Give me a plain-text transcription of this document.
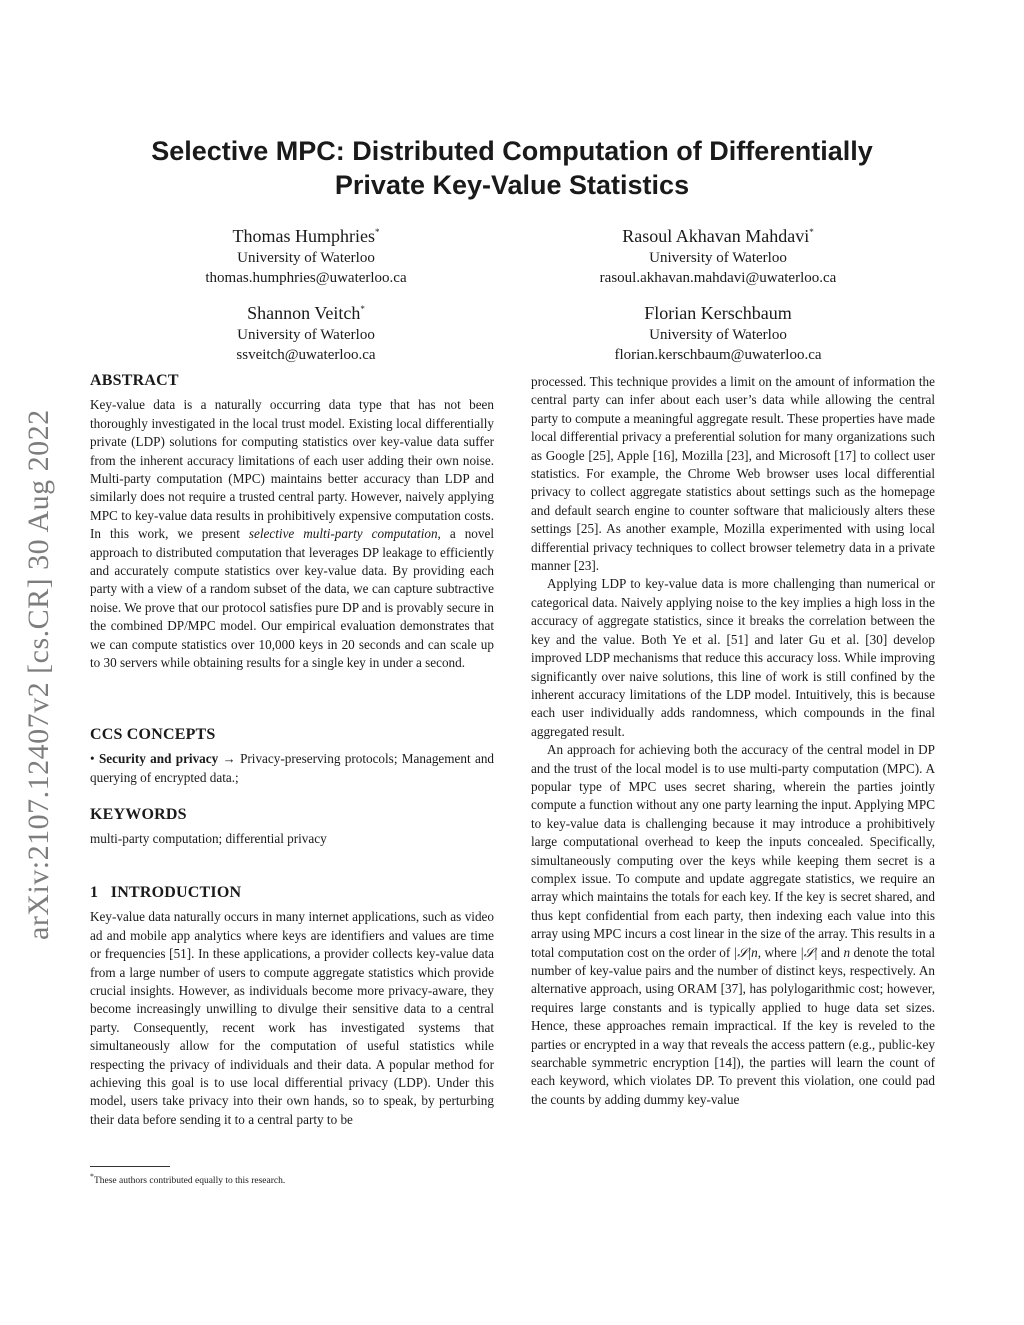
arXiv:2107.12407v2 [cs.CR] 30 Aug 2022
Selective MPC: Distributed Computation of Differentially
Private Key-Value Statistics
Thomas Humphries*
University of Waterloo
thomas.humphries@uwaterloo.ca
Rasoul Akhavan Mahdavi*
University of Waterloo
rasoul.akhavan.mahdavi@uwaterloo.ca
Shannon Veitch*
University of Waterloo
ssveitch@uwaterloo.ca
Florian Kerschbaum
University of Waterloo
florian.kerschbaum@uwaterloo.ca
ABSTRACT

Key-value data is a naturally occurring data type that has not been thoroughly investigated in the local trust model. Existing local differentially private (LDP) solutions for computing statistics over key-value data suffer from the inherent accuracy limitations of each user adding their own noise. Multi-party computation (MPC) maintains better accuracy than LDP and similarly does not require a trusted central party. However, naively applying MPC to key-value data results in prohibitively expensive computation costs. In this work, we present selective multi-party computation, a novel approach to distributed computation that leverages DP leakage to efficiently and accurately compute statistics over key-value data. By providing each party with a view of a random subset of the data, we can capture subtractive noise. We prove that our protocol satisfies pure DP and is provably secure in the combined DP/MPC model. Our empirical evaluation demonstrates that we can compute statistics over 10,000 keys in 20 seconds and can scale up to 30 servers while obtaining results for a single key in under a second.

CCS CONCEPTS

• Security and privacy → Privacy-preserving protocols; Management and querying of encrypted data.;

KEYWORDS

multi-party computation; differential privacy

1   INTRODUCTION

Key-value data naturally occurs in many internet applications, such as video ad and mobile app analytics where keys are identifiers and values are time or frequencies [51]. In these applications, a provider collects key-value data from a large number of users to compute aggregate statistics which provide crucial insights. However, as individuals become more privacy-aware, they become increasingly unwilling to divulge their sensitive data to a central party. Consequently, recent work has investigated systems that simultaneously allow for the computation of useful statistics while respecting the privacy of individuals and their data. A popular method for achieving this goal is to use local differential privacy (LDP). Under this model, users take privacy into their own hands, so to speak, by perturbing their data before sending it to a central party to be

*These authors contributed equally to this research.

processed. This technique provides a limit on the amount of information the central party can infer about each user’s data while allowing the central party to compute a meaningful aggregate result. These properties have made local differential privacy a preferential solution for many organizations such as Google [25], Apple [16], Mozilla [23], and Microsoft [17] to collect user statistics. For example, the Chrome Web browser uses local differential privacy to collect aggregate statistics about settings such as the homepage and default search engine to counter software that maliciously alters these settings [25]. As another example, Mozilla experimented with using local differential privacy techniques to collect browser telemetry data in a private manner [23].

Applying LDP to key-value data is more challenging than numerical or categorical data. Naively applying noise to the key implies a high loss in the accuracy of aggregate statistics, since it breaks the correlation between the key and the value. Both Ye et al. [51] and later Gu et al. [30] develop improved LDP mechanisms that reduce this accuracy loss. While improving significantly over naive solutions, this line of work is still confined by the inherent accuracy limitations of the LDP model. Intuitively, this is because each user individually adds randomness, which compounds in the final aggregated result.

An approach for achieving both the accuracy of the central model in DP and the trust of the local model is to use multi-party computation (MPC). A popular type of MPC uses secret sharing, wherein the parties jointly compute a function without any one party learning the input. Applying MPC to key-value data is challenging because it may introduce a prohibitively large computational overhead to keep the inputs concealed. Specifically, simultaneously computing over the keys while keeping them secret is a complex issue. To compute and update aggregate statistics, we require an array which maintains the totals for each key. If the key is secret shared, and thus kept confidential from each party, then indexing each value into this array using MPC incurs a cost linear in the size of the array. This results in a total computation cost on the order of |𝒮|n, where |𝒮| and n denote the total number of key-value pairs and the number of distinct keys, respectively. An alternative approach, using ORAM [37], has polylogarithmic cost; however, requires large constants and is typically applied to huge data set sizes. Hence, these approaches remain impractical. If the key is reveled to the parties or encrypted in a way that reveals the access pattern (e.g., public-key searchable symmetric encryption [14]), the parties will learn the count of each keyword, which violates DP. To prevent this violation, one could pad the counts by adding dummy key-value
